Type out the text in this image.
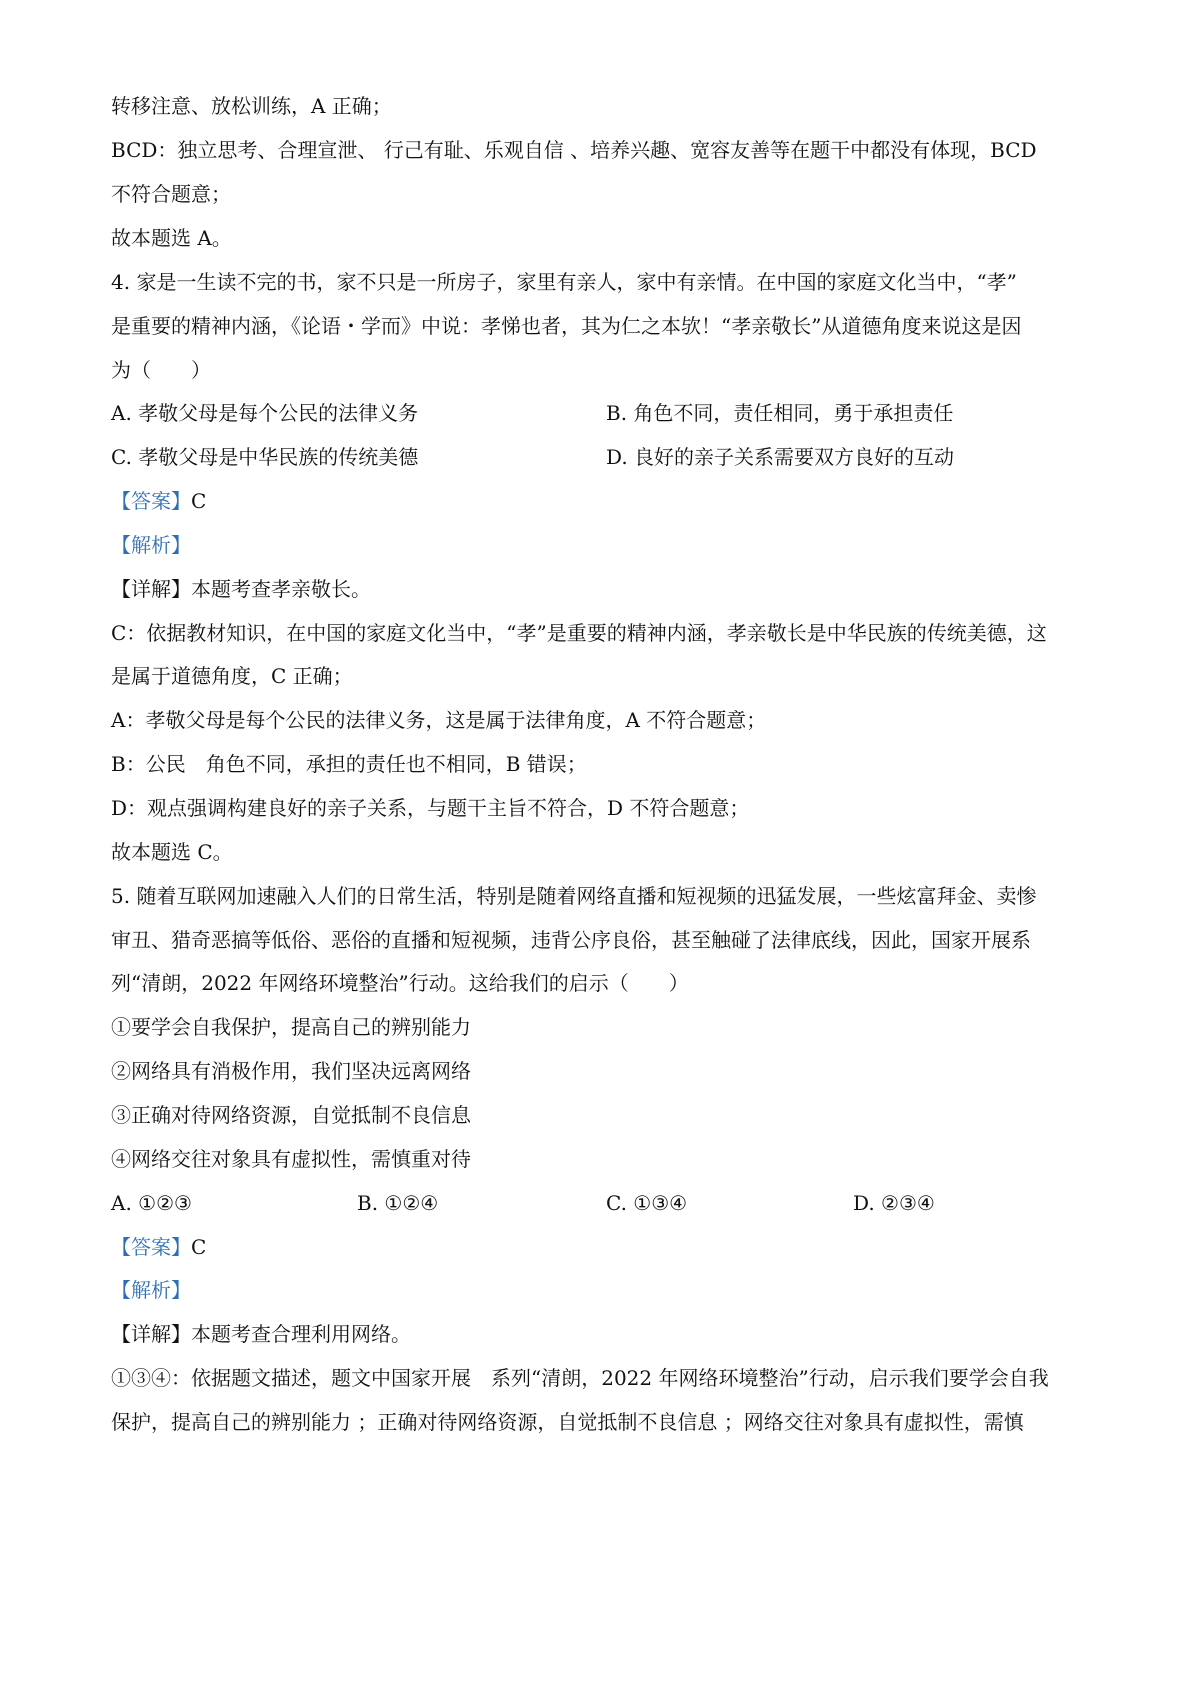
转移注意、放松训练，A 正确；
BCD：独立思考、合理宣泄、 行己有耻、乐观自信 、培养兴趣、宽容友善等在题干中都没有体现，BCD
不符合题意；
故本题选 A。
4. 家是一生读不完的书，家不只是一所房子，家里有亲人，家中有亲情。在中国的家庭文化当中，“孝”
是重要的精神内涵，《论语・学而》中说：孝悌也者，其为仁之本欤！“孝亲敬长”从道德角度来说这是因
为（　　）
A. 孝敬父母是每个公民的法律义务	B. 角色不同，责任相同，勇于承担责任
C. 孝敬父母是中华民族的传统美德	D. 良好的亲子关系需要双方良好的互动
【答案】C
【解析】
【详解】本题考查孝亲敬长。
C：依据教材知识，在中国的家庭文化当中，“孝”是重要的精神内涵，孝亲敬长是中华民族的传统美德，这
是属于道德角度，C 正确；
A：孝敬父母是每个公民的法律义务，这是属于法律角度，A 不符合题意；
B：公民　角色不同，承担的责任也不相同，B 错误；
D：观点强调构建良好的亲子关系，与题干主旨不符合，D 不符合题意；
故本题选 C。
5. 随着互联网加速融入人们的日常生活，特别是随着网络直播和短视频的迅猛发展，一些炫富拜金、卖惨
审丑、猎奇恶搞等低俗、恶俗的直播和短视频，违背公序良俗，甚至触碰了法律底线，因此，国家开展系
列“清朗，2022 年网络环境整治”行动。这给我们的启示（　　）
①要学会自我保护，提高自己的辨别能力
②网络具有消极作用，我们坚决远离网络
③正确对待网络资源，自觉抵制不良信息
④网络交往对象具有虚拟性，需慎重对待
A. ①②③	B. ①②④	C. ①③④	D. ②③④
【答案】C
【解析】
【详解】本题考查合理利用网络。
①③④：依据题文描述，题文中国家开展　系列“清朗，2022 年网络环境整治”行动，启示我们要学会自我
保护，提高自己的辨别能力 ；正确对待网络资源，自觉抵制不良信息 ；网络交往对象具有虚拟性，需慎
